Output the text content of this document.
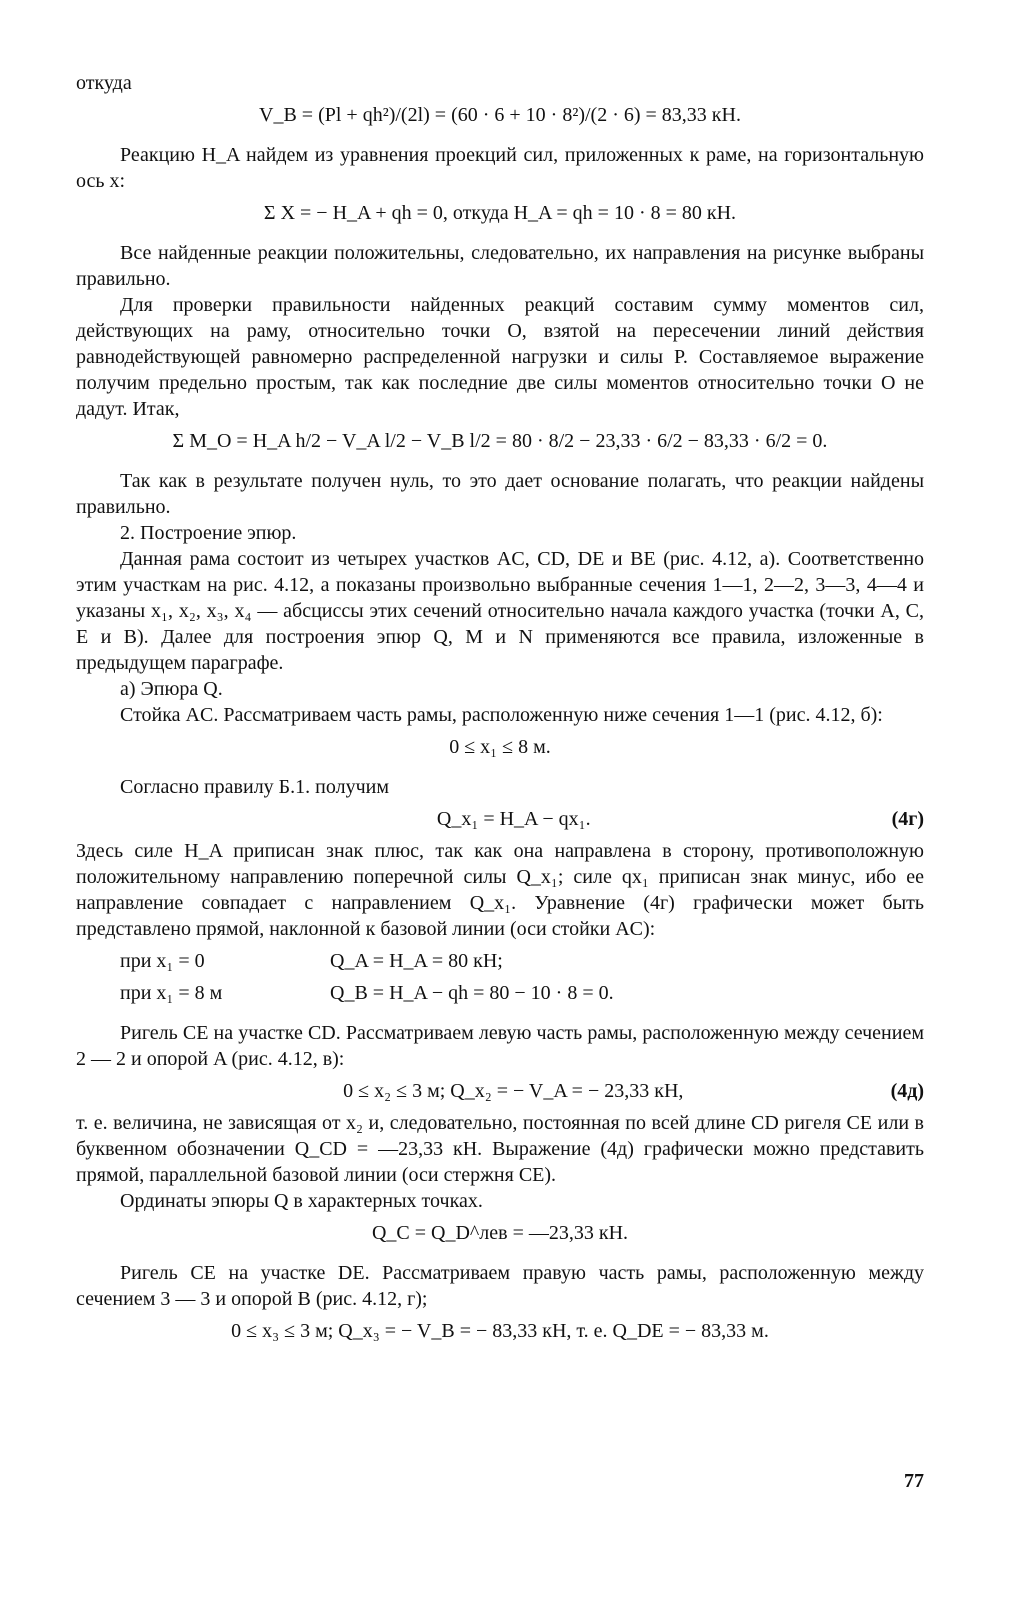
откуда

V_B = (Pl + qh²)/(2l) = (60 · 6 + 10 · 8²)/(2 · 6) = 83,33 кН.

Реакцию H_A найдем из уравнения проекций сил, приложенных к раме, на горизонтальную ось x:

Σ X = − H_A + qh = 0, откуда H_A = qh = 10 · 8 = 80 кН.

Все найденные реакции положительны, следовательно, их направления на рисунке выбраны правильно.

Для проверки правильности найденных реакций составим сумму моментов сил, действующих на раму, относительно точки O, взятой на пересечении линий действия равнодействующей равномерно распределенной нагрузки и силы P. Составляемое выражение получим предельно простым, так как последние две силы моментов относительно точки O не дадут. Итак,

Σ M_O = H_A h/2 − V_A l/2 − V_B l/2 = 80 · 8/2 − 23,33 · 6/2 − 83,33 · 6/2 = 0.

Так как в результате получен нуль, то это дает основание полагать, что реакции найдены правильно.

2. Построение эпюр.

Данная рама состоит из четырех участков AC, CD, DE и BE (рис. 4.12, a). Соответственно этим участкам на рис. 4.12, a показаны произвольно выбранные сечения 1—1, 2—2, 3—3, 4—4 и указаны x₁, x₂, x₃, x₄ — абсциссы этих сечений относительно начала каждого участка (точки A, C, E и B). Далее для построения эпюр Q, M и N применяются все правила, изложенные в предыдущем параграфе.

а) Эпюра Q.

Стойка AC. Рассматриваем часть рамы, расположенную ниже сечения 1—1 (рис. 4.12, б):

0 ≤ x₁ ≤ 8 м.

Согласно правилу Б.1. получим

Q_x₁ = H_A − qx₁.	(4г)

Здесь силе H_A приписан знак плюс, так как она направлена в сторону, противоположную положительному направлению поперечной силы Q_x₁; силе qx₁ приписан знак минус, ибо ее направление совпадает с направлением Q_x₁. Уравнение (4г) графически может быть представлено прямой, наклонной к базовой линии (оси стойки AC):

при x₁ = 0	Q_A = H_A = 80 кН;
при x₁ = 8 м	Q_B = H_A − qh = 80 − 10 · 8 = 0.

Ригель CE на участке CD. Рассматриваем левую часть рамы, расположенную между сечением 2 — 2 и опорой A (рис. 4.12, в):

0 ≤ x₂ ≤ 3 м; Q_x₂ = − V_A = − 23,33 кН,	(4д)

т. е. величина, не зависящая от x₂ и, следовательно, постоянная по всей длине CD ригеля CE или в буквенном обозначении Q_CD = —23,33 кН. Выражение (4д) графически можно представить прямой, параллельной базовой линии (оси стержня CE).

Ординаты эпюры Q в характерных точках.

Q_C = Q_D^лев = —23,33 кН.

Ригель CE на участке DE. Рассматриваем правую часть рамы, расположенную между сечением 3 — 3 и опорой B (рис. 4.12, г);

0 ≤ x₃ ≤ 3 м; Q_x₃ = − V_B = − 83,33 кН, т. е. Q_DE = − 83,33 м.

77
